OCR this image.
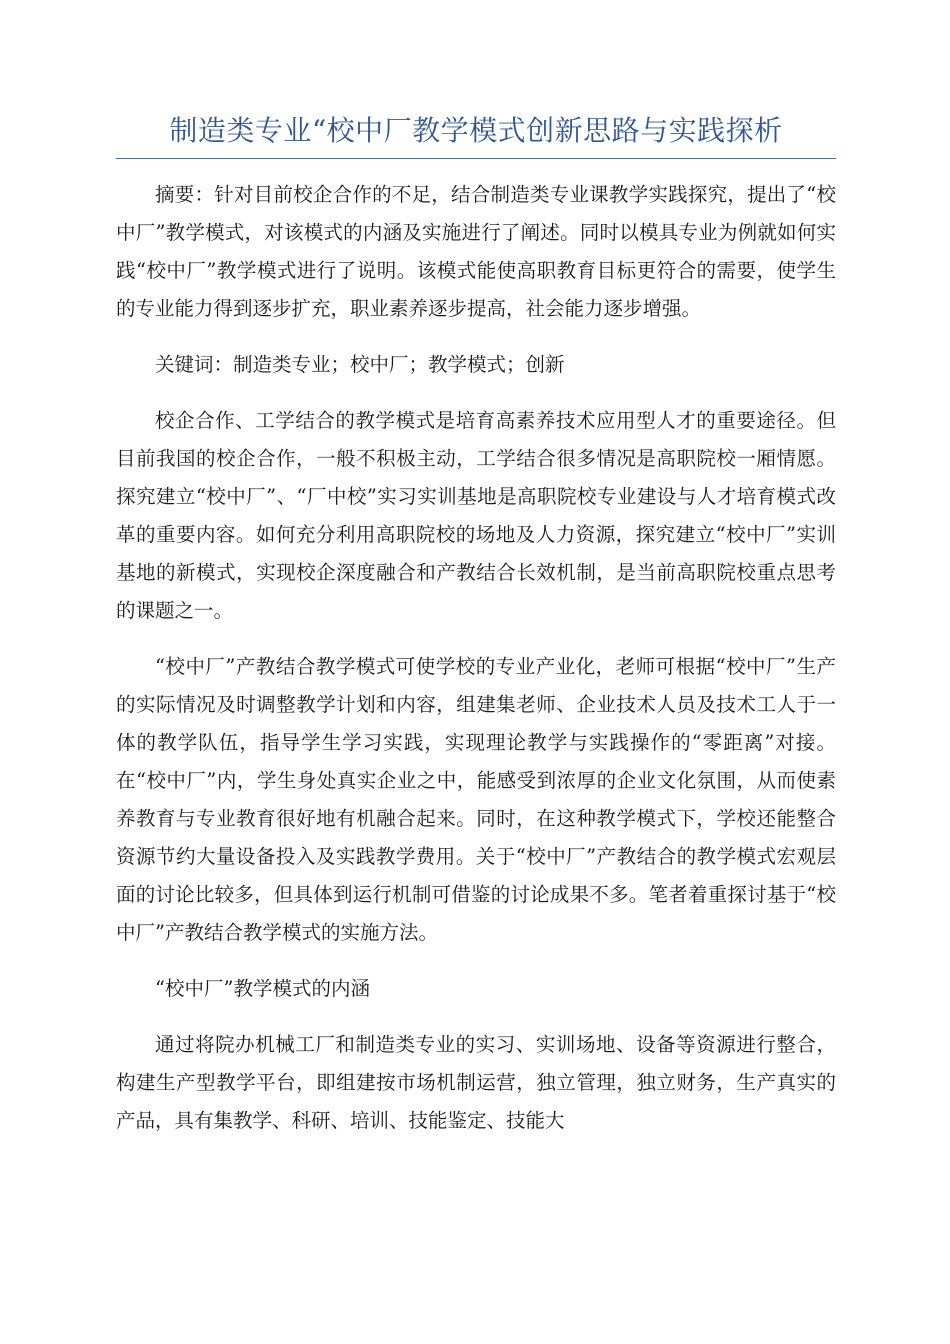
制造类专业“校中厂教学模式创新思路与实践探析

摘要：针对目前校企合作的不足，结合制造类专业课教学实践探究，提出了“校中厂”教学模式，对该模式的内涵及实施进行了阐述。同时以模具专业为例就如何实践“校中厂”教学模式进行了说明。该模式能使高职教育目标更符合的需要，使学生的专业能力得到逐步扩充，职业素养逐步提高，社会能力逐步增强。

关键词：制造类专业；校中厂；教学模式；创新

校企合作、工学结合的教学模式是培育高素养技术应用型人才的重要途径。但目前我国的校企合作，一般不积极主动，工学结合很多情况是高职院校一厢情愿。探究建立“校中厂”、“厂中校”实习实训基地是高职院校专业建设与人才培育模式改革的重要内容。如何充分利用高职院校的场地及人力资源，探究建立“校中厂”实训基地的新模式，实现校企深度融合和产教结合长效机制，是当前高职院校重点思考的课题之一。

“校中厂”产教结合教学模式可使学校的专业产业化，老师可根据“校中厂”生产的实际情况及时调整教学计划和内容，组建集老师、企业技术人员及技术工人于一体的教学队伍，指导学生学习实践，实现理论教学与实践操作的“零距离”对接。在“校中厂”内，学生身处真实企业之中，能感受到浓厚的企业文化氛围，从而使素养教育与专业教育很好地有机融合起来。同时，在这种教学模式下，学校还能整合资源节约大量设备投入及实践教学费用。关于“校中厂”产教结合的教学模式宏观层面的讨论比较多，但具体到运行机制可借鉴的讨论成果不多。笔者着重探讨基于“校中厂”产教结合教学模式的实施方法。

“校中厂”教学模式的内涵

通过将院办机械工厂和制造类专业的实习、实训场地、设备等资源进行整合，构建生产型教学平台，即组建按市场机制运营，独立管理，独立财务，生产真实的产品，具有集教学、科研、培训、技能鉴定、技能大
